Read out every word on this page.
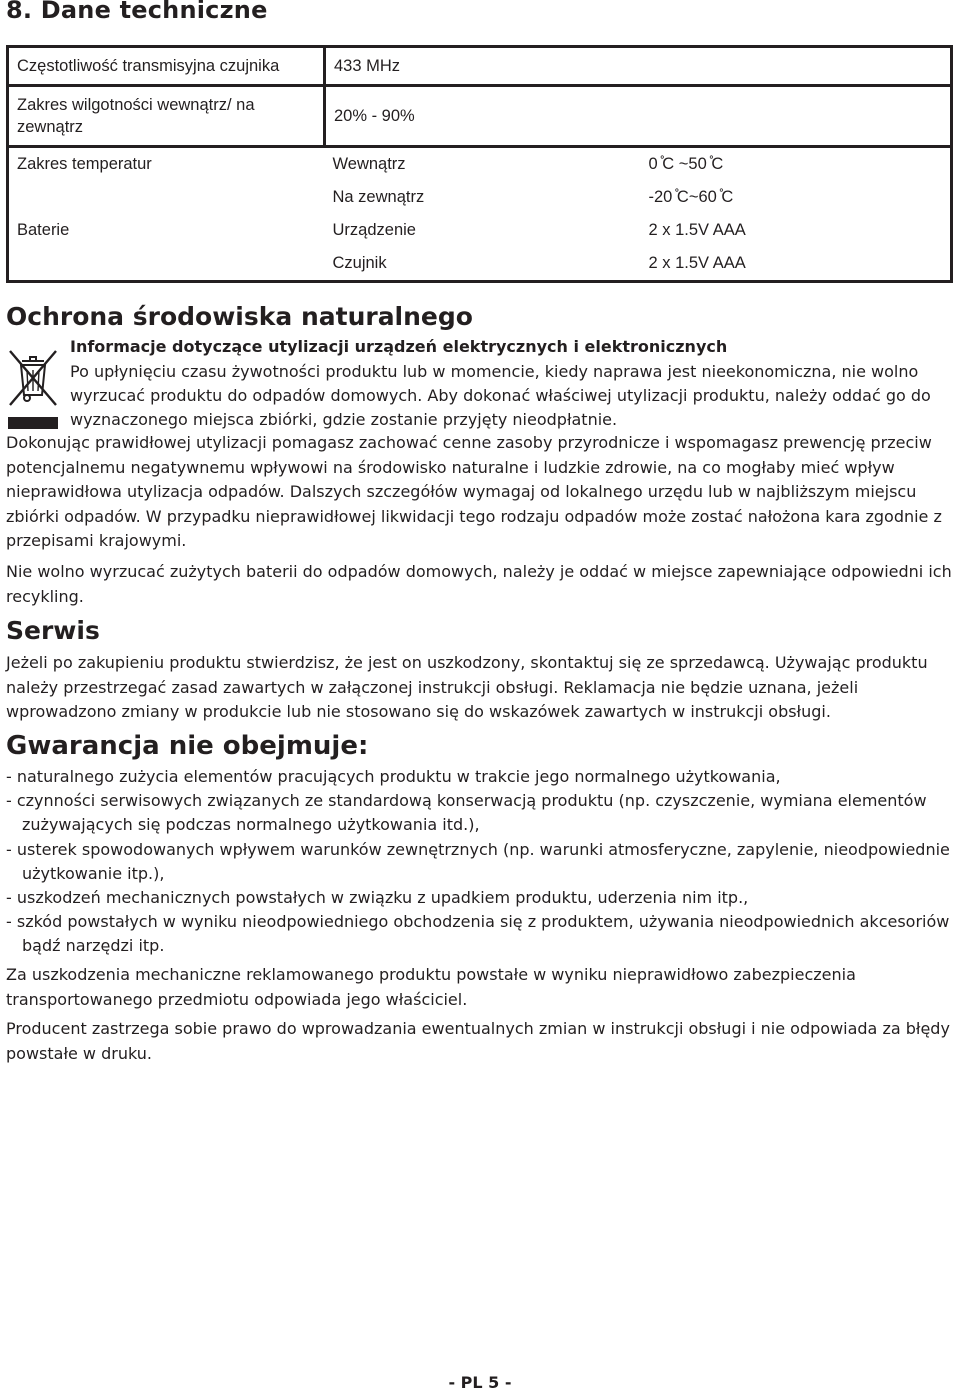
8. Dane techniczne
Częstotliwość transmisyjna czujnika	433 MHz	
Zakres wilgotności wewnątrz/ na zewnątrz	20% - 90%	
Zakres temperatur	Wewnątrz	0 ̊C ~50 ̊C
	Na zewnątrz	-20 ̊C~60 ̊C
Baterie	Urządzenie	2 x 1.5V AAA
	Czujnik	2 x 1.5V AAA
Ochrona środowiska naturalnego

Informacje dotyczące utylizacji urządzeń elektrycznych i elektronicznych

Po upłynięciu czasu żywotności produktu lub w momencie, kiedy naprawa jest nieekonomiczna, nie wolno wyrzucać produktu do odpadów domowych. Aby dokonać właściwej utylizacji produktu, należy oddać go do wyznaczonego miejsca zbiórki, gdzie zostanie przyjęty nieodpłatnie.

Dokonując prawidłowej utylizacji pomagasz zachować cenne zasoby przyrodnicze i wspomagasz prewencję przeciw potencjalnemu negatywnemu wpływowi na środowisko naturalne i ludzkie zdrowie, na co mogłaby mieć wpływ nieprawidłowa utylizacja odpadów. Dalszych szczegółów wymagaj od lokalnego urzędu lub w najbliższym miejscu zbiórki odpadów. W przypadku nieprawidłowej likwidacji tego rodzaju odpadów może zostać nałożona kara zgodnie z przepisami krajowymi.

Nie wolno wyrzucać zużytych baterii do odpadów domowych, należy je oddać w miejsce zapewniające odpowiedni ich recykling.

Serwis

Jeżeli po zakupieniu produktu stwierdzisz, że jest on uszkodzony, skontaktuj się ze sprzedawcą. Używając produktu należy przestrzegać zasad zawartych w załączonej instrukcji obsługi. Reklamacja nie będzie uznana, jeżeli wprowadzono zmiany w produkcie lub nie stosowano się do wskazówek zawartych w instrukcji obsługi.

Gwarancja nie obejmuje:
- naturalnego zużycia elementów pracujących produktu w trakcie jego normalnego użytkowania,
- czynności serwisowych związanych ze standardową konserwacją produktu (np. czyszczenie, wymiana elementów zużywających się podczas normalnego użytkowania itd.),
- usterek spowodowanych wpływem warunków zewnętrznych (np. warunki atmosferyczne, zapylenie, nieodpowiednie użytkowanie itp.),
- uszkodzeń mechanicznych powstałych w związku z upadkiem produktu, uderzenia nim itp.,
- szkód powstałych w wyniku nieodpowiedniego obchodzenia się z produktem, używania nieodpowiednich akcesoriów bądź narzędzi itp.

Za uszkodzenia mechaniczne reklamowanego produktu powstałe w wyniku nieprawidłowo zabezpieczenia transportowanego przedmiotu odpowiada jego właściciel.

Producent zastrzega sobie prawo do wprowadzania ewentualnych zmian w instrukcji obsługi i nie odpowiada za błędy powstałe w druku.

- PL 5 -
